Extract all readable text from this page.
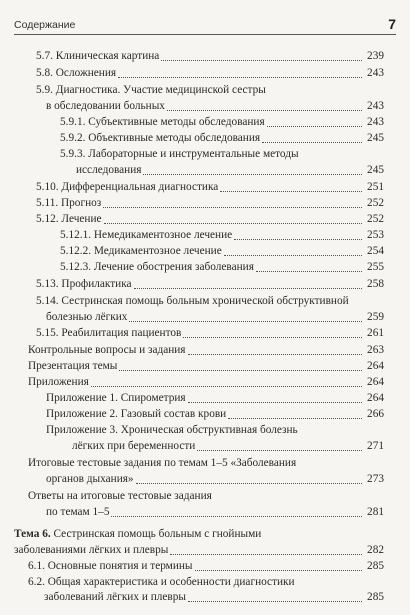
Содержание	7
5.7. Клиническая картина	239
5.8. Осложнения	243
5.9. Диагностика. Участие медицинской сестры
в обследовании больных	243
5.9.1. Субъективные методы обследования	243
5.9.2. Объективные методы обследования	245
5.9.3. Лабораторные и инструментальные методы
исследования	245
5.10. Дифференциальная диагностика	251
5.11. Прогноз	252
5.12. Лечение	252
5.12.1. Немедикаментозное лечение	253
5.12.2. Медикаментозное лечение	254
5.12.3. Лечение обострения заболевания	255
5.13. Профилактика	258
5.14. Сестринская помощь больным хронической обструктивной
болезнью лёгких	259
5.15. Реабилитация пациентов	261
Контрольные вопросы и задания	263
Презентация темы	264
Приложения	264
Приложение 1. Спирометрия	264
Приложение 2. Газовый состав крови	266
Приложение 3. Хроническая обструктивная болезнь
лёгких при беременности	271
Итоговые тестовые задания по темам 1–5 «Заболевания
органов дыхания»	273
Ответы на итоговые тестовые задания
по темам 1–5	281
Тема 6. Сестринская помощь больным с гнойными
заболеваниями лёгких и плевры	282
6.1. Основные понятия и термины	285
6.2. Общая характеристика и особенности диагностики
заболеваний лёгких и плевры	285
